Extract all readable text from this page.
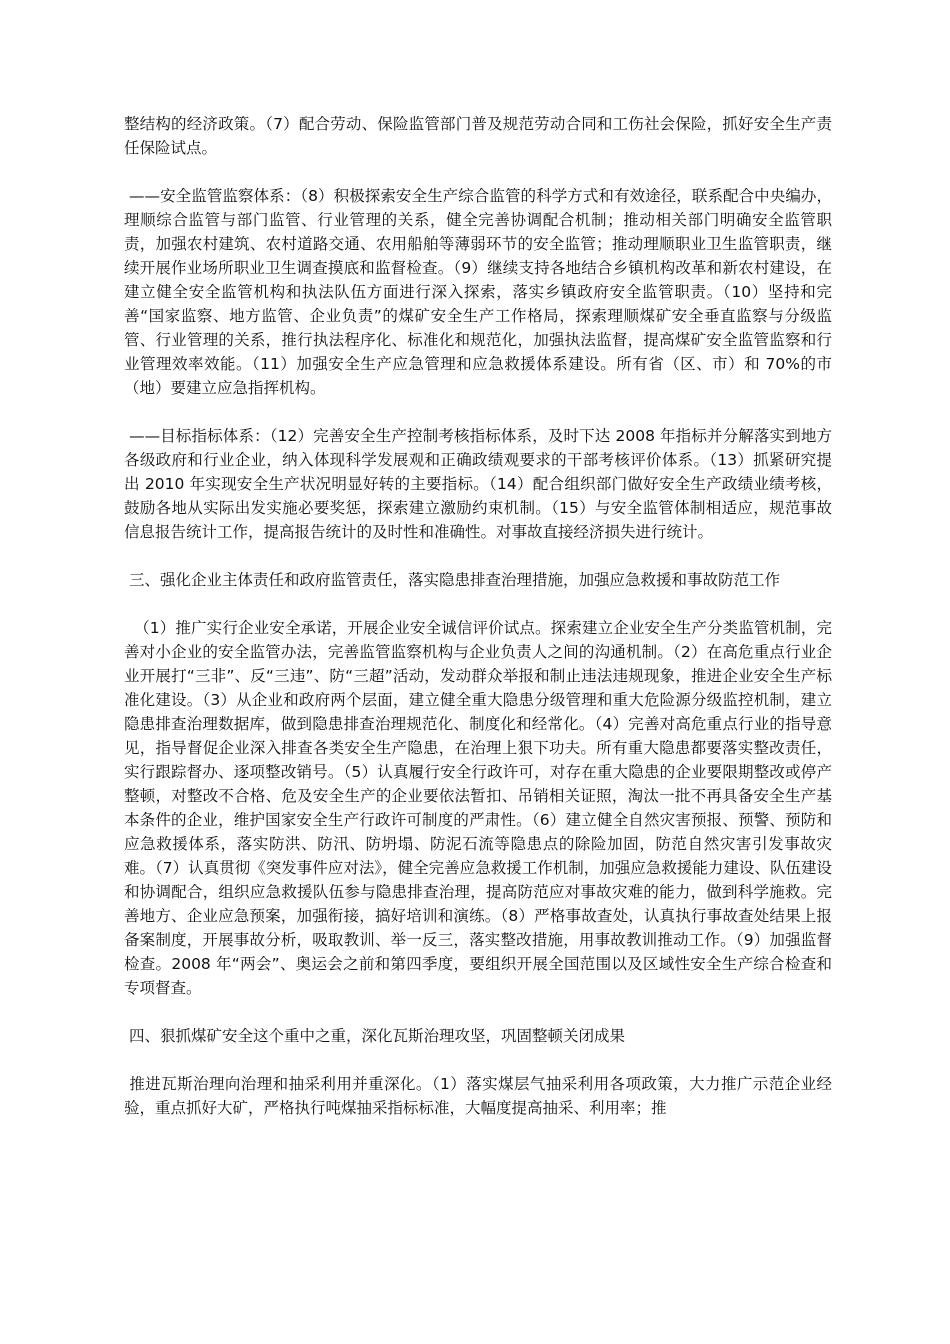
整结构的经济政策。（7）配合劳动、保险监管部门普及规范劳动合同和工伤社会保险，抓好安全生产责任保险试点。

——安全监管监察体系：（8）积极探索安全生产综合监管的科学方式和有效途径，联系配合中央编办，理顺综合监管与部门监管、行业管理的关系，健全完善协调配合机制；推动相关部门明确安全监管职责，加强农村建筑、农村道路交通、农用船舶等薄弱环节的安全监管；推动理顺职业卫生监管职责，继续开展作业场所职业卫生调查摸底和监督检查。（9）继续支持各地结合乡镇机构改革和新农村建设，在建立健全安全监管机构和执法队伍方面进行深入探索，落实乡镇政府安全监管职责。（10）坚持和完善“国家监察、地方监管、企业负责”的煤矿安全生产工作格局，探索理顺煤矿安全垂直监察与分级监管、行业管理的关系，推行执法程序化、标准化和规范化，加强执法监督，提高煤矿安全监管监察和行业管理效率效能。（11）加强安全生产应急管理和应急救援体系建设。所有省（区、市）和 70%的市（地）要建立应急指挥机构。

——目标指标体系：（12）完善安全生产控制考核指标体系，及时下达 2008 年指标并分解落实到地方各级政府和行业企业，纳入体现科学发展观和正确政绩观要求的干部考核评价体系。（13）抓紧研究提出 2010 年实现安全生产状况明显好转的主要指标。（14）配合组织部门做好安全生产政绩业绩考核，鼓励各地从实际出发实施必要奖惩，探索建立激励约束机制。（15）与安全监管体制相适应，规范事故信息报告统计工作，提高报告统计的及时性和准确性。对事故直接经济损失进行统计。

三、强化企业主体责任和政府监管责任，落实隐患排查治理措施，加强应急救援和事故防范工作

（1）推广实行企业安全承诺，开展企业安全诚信评价试点。探索建立企业安全生产分类监管机制，完善对小企业的安全监管办法，完善监管监察机构与企业负责人之间的沟通机制。（2）在高危重点行业企业开展打“三非”、反“三违”、防“三超”活动，发动群众举报和制止违法违规现象，推进企业安全生产标准化建设。（3）从企业和政府两个层面，建立健全重大隐患分级管理和重大危险源分级监控机制，建立隐患排查治理数据库，做到隐患排查治理规范化、制度化和经常化。（4）完善对高危重点行业的指导意见，指导督促企业深入排查各类安全生产隐患，在治理上狠下功夫。所有重大隐患都要落实整改责任，实行跟踪督办、逐项整改销号。（5）认真履行安全行政许可，对存在重大隐患的企业要限期整改或停产整顿，对整改不合格、危及安全生产的企业要依法暂扣、吊销相关证照，淘汰一批不再具备安全生产基本条件的企业，维护国家安全生产行政许可制度的严肃性。（6）建立健全自然灾害预报、预警、预防和应急救援体系，落实防洪、防汛、防坍塌、防泥石流等隐患点的除险加固，防范自然灾害引发事故灾难。（7）认真贯彻《突发事件应对法》，健全完善应急救援工作机制，加强应急救援能力建设、队伍建设和协调配合，组织应急救援队伍参与隐患排查治理，提高防范应对事故灾难的能力，做到科学施救。完善地方、企业应急预案，加强衔接，搞好培训和演练。（8）严格事故查处，认真执行事故查处结果上报备案制度，开展事故分析，吸取教训、举一反三，落实整改措施，用事故教训推动工作。（9）加强监督检查。2008 年“两会”、奥运会之前和第四季度，要组织开展全国范围以及区域性安全生产综合检查和专项督查。

四、狠抓煤矿安全这个重中之重，深化瓦斯治理攻坚，巩固整顿关闭成果

推进瓦斯治理向治理和抽采利用并重深化。（1）落实煤层气抽采利用各项政策，大力推广示范企业经验，重点抓好大矿，严格执行吨煤抽采指标标准，大幅度提高抽采、利用率；推
